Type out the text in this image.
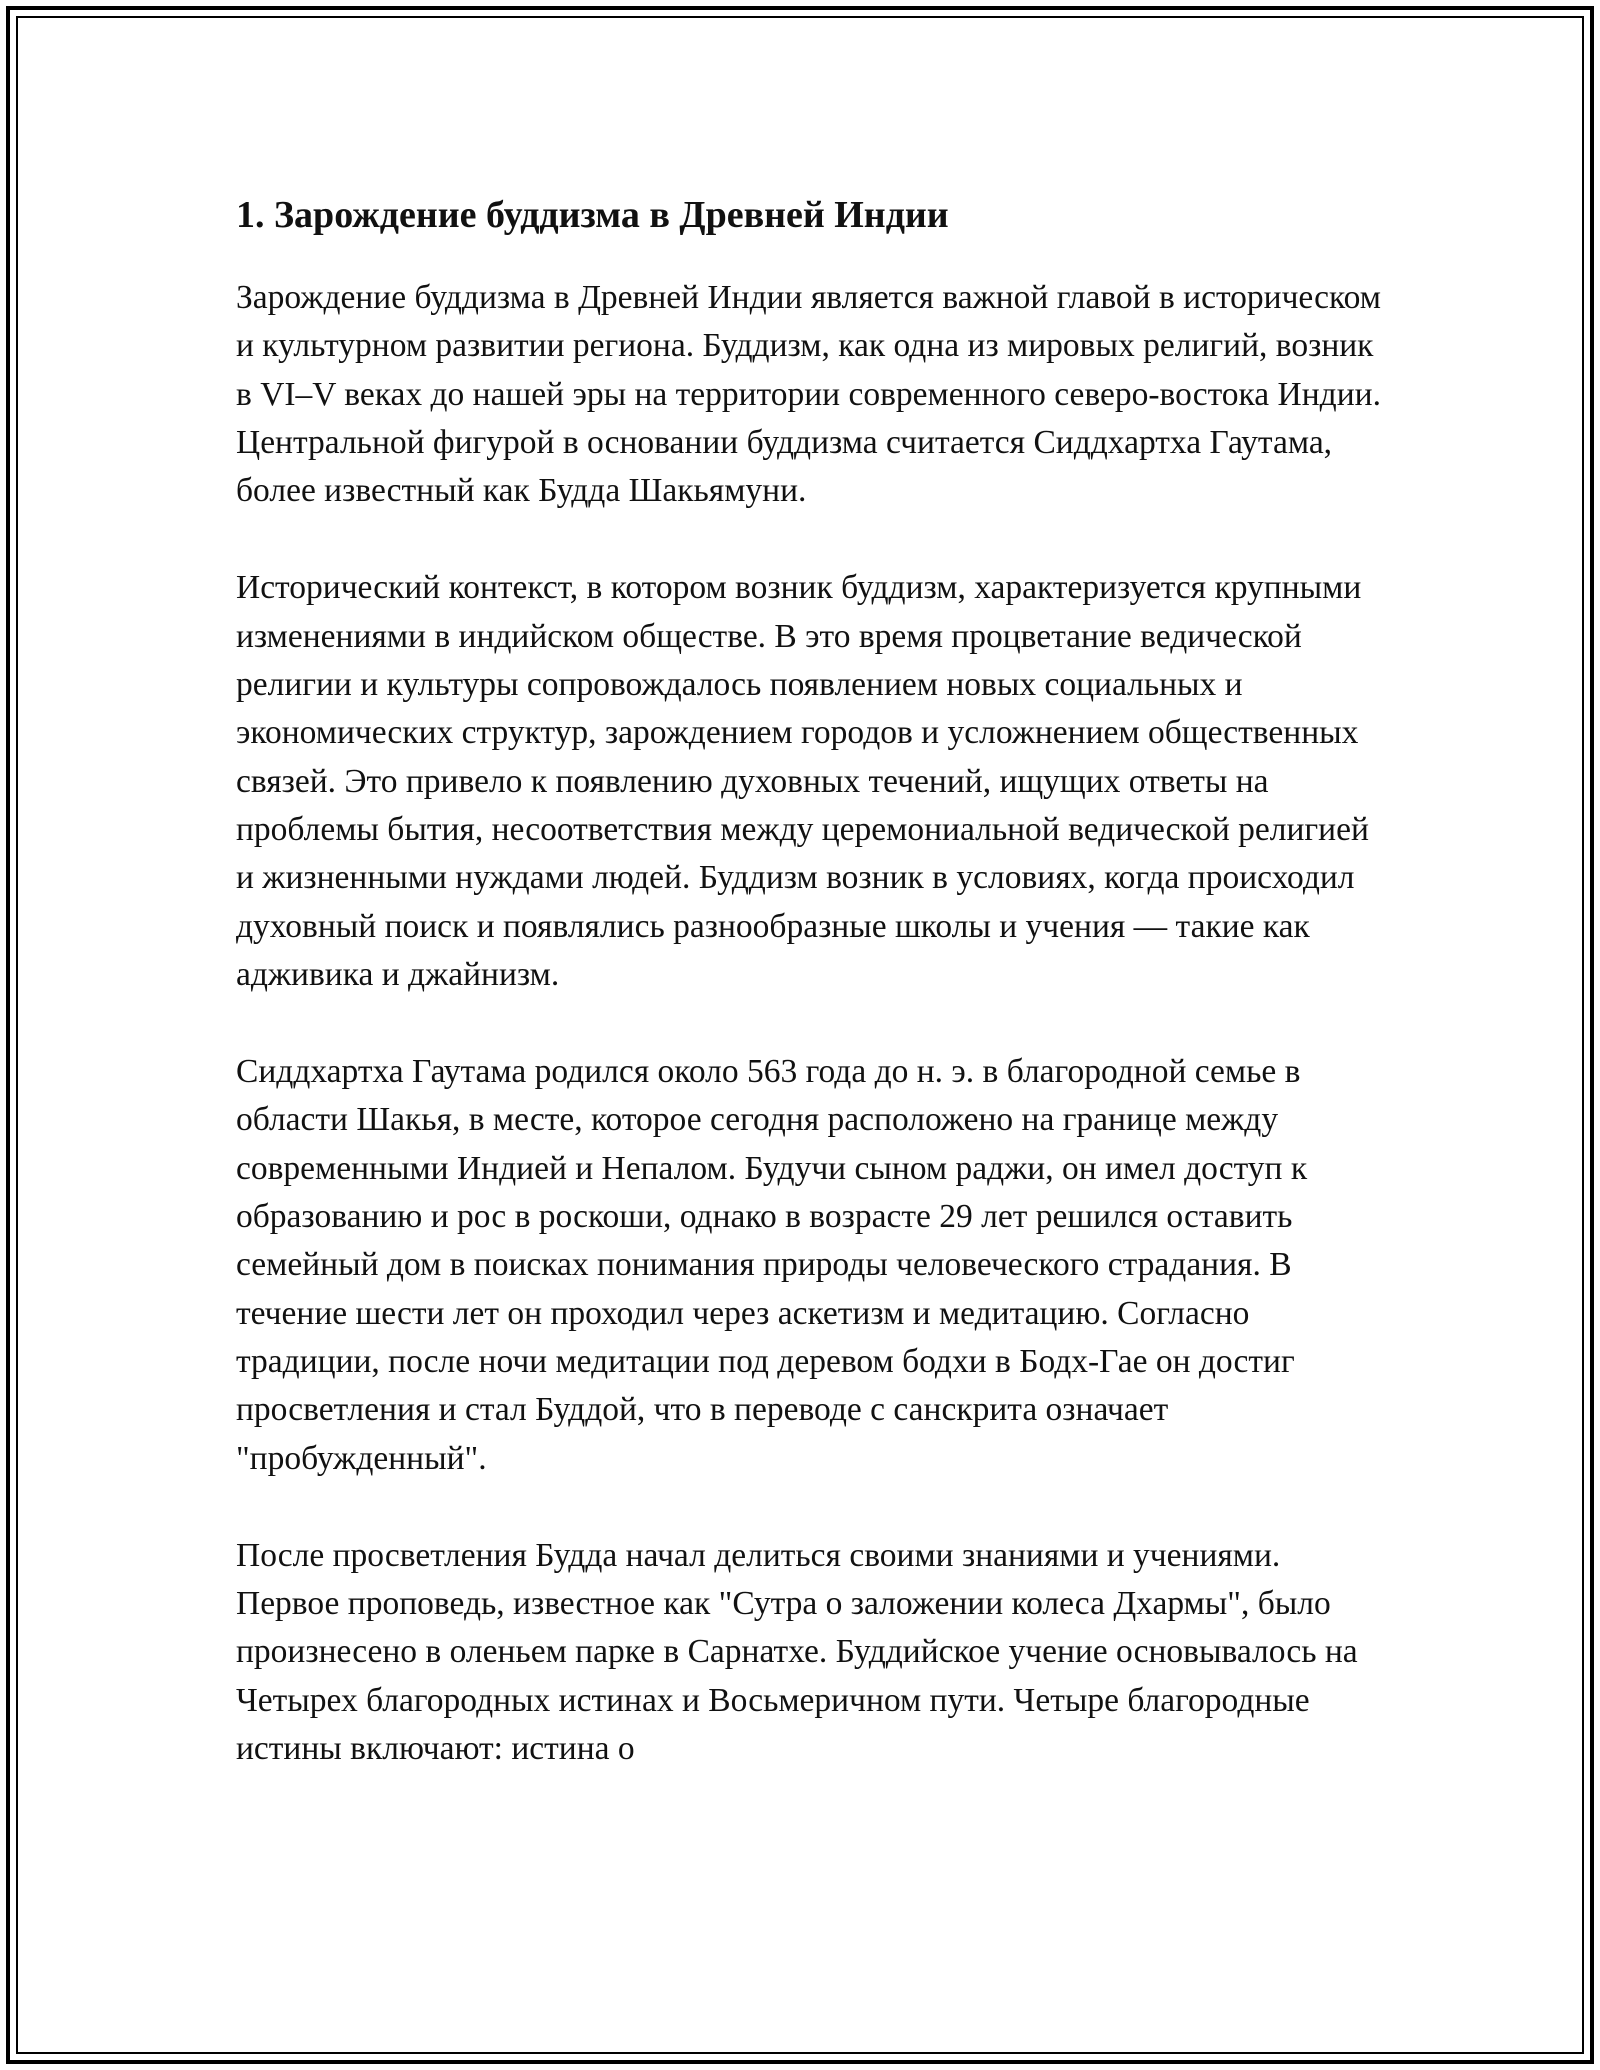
1. Зарождение буддизма в Древней Индии

Зарождение буддизма в Древней Индии является важной главой в историческом и культурном развитии региона. Буддизм, как одна из мировых религий, возник в VI–V веках до нашей эры на территории современного северо-востока Индии. Центральной фигурой в основании буддизма считается Сиддхартха Гаутама, более известный как Будда Шакьямуни.

Исторический контекст, в котором возник буддизм, характеризуется крупными изменениями в индийском обществе. В это время процветание ведической религии и культуры сопровождалось появлением новых социальных и экономических структур, зарождением городов и усложнением общественных связей. Это привело к появлению духовных течений, ищущих ответы на проблемы бытия, несоответствия между церемониальной ведической религией и жизненными нуждами людей. Буддизм возник в условиях, когда происходил духовный поиск и появлялись разнообразные школы и учения — такие как адживика и джайнизм.

Сиддхартха Гаутама родился около 563 года до н. э. в благородной семье в области Шакья, в месте, которое сегодня расположено на границе между современными Индией и Непалом. Будучи сыном раджи, он имел доступ к образованию и рос в роскоши, однако в возрасте 29 лет решился оставить семейный дом в поисках понимания природы человеческого страдания. В течение шести лет он проходил через аскетизм и медитацию. Согласно традиции, после ночи медитации под деревом бодхи в Бодх-Гае он достиг просветления и стал Буддой, что в переводе с санскрита означает "пробужденный".

После просветления Будда начал делиться своими знаниями и учениями. Первое проповедь, известное как "Сутра о заложении колеса Дхармы", было произнесено в оленьем парке в Сарнатхе. Буддийское учение основывалось на Четырех благородных истинах и Восьмеричном пути. Четыре благородные истины включают: истина о
